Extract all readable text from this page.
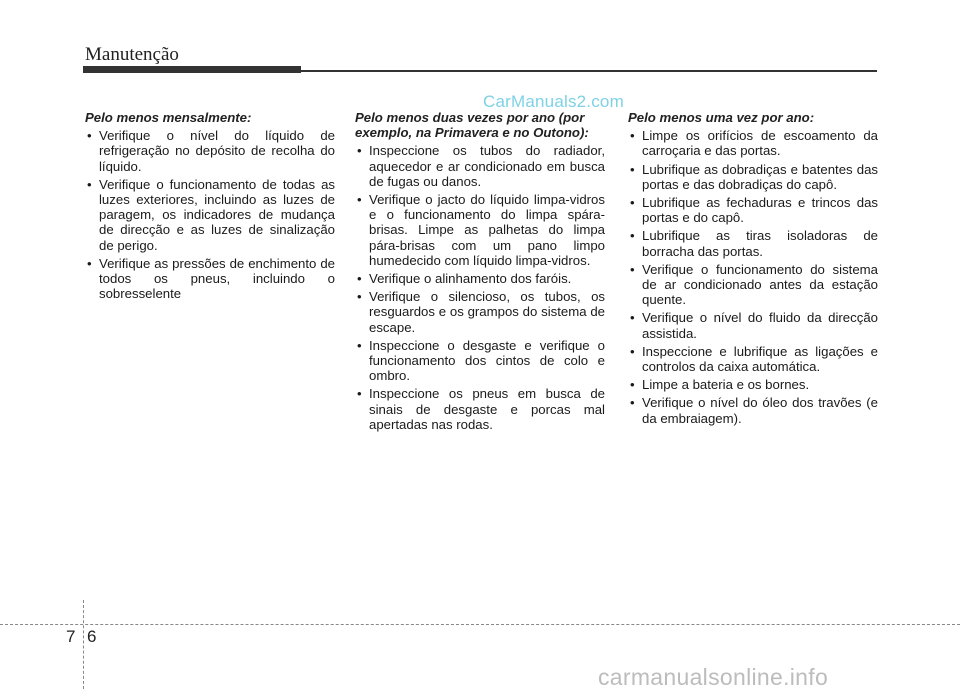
Manutenção
CarManuals2.com

Pelo menos mensalmente:

• Verifique o nível do líquido de refrigeração no depósito de recolha do líquido.
• Verifique o funcionamento de todas as luzes exteriores, incluindo as luzes de paragem, os indicadores de mudança de direcção e as luzes de sinalização de perigo.
• Verifique as pressões de enchimento de todos os pneus, incluindo o sobresselente

Pelo menos duas vezes por ano (por exemplo, na Primavera e no Outono):

• Inspeccione os tubos do radiador, aquecedor e ar condicionado em busca de fugas ou danos.
• Verifique o jacto do líquido limpa-vidros e o funcionamento do limpa spára-brisas. Limpe as palhetas do limpa pára-brisas com um pano limpo humedecido com líquido limpa-vidros.
• Verifique o alinhamento dos faróis.
• Verifique o silencioso, os tubos, os resguardos e os grampos do sistema de escape.
• Inspeccione o desgaste e verifique o funcionamento dos cintos de colo e ombro.
• Inspeccione os pneus em busca de sinais de desgaste e porcas mal apertadas nas rodas.

Pelo menos uma vez por ano:

• Limpe os orifícios de escoamento da carroçaria e das portas.
• Lubrifique as dobradiças e batentes das portas e das dobradiças do capô.
• Lubrifique as fechaduras e trincos das portas e do capô.
• Lubrifique as tiras isoladoras de borracha das portas.
• Verifique o funcionamento do sistema de ar condicionado antes da estação quente.
• Verifique o nível do fluido da direcção assistida.
• Inspeccione e lubrifique as ligações e controlos da caixa automática.
• Limpe a bateria e os bornes.
• Verifique o nível do óleo dos travões (e da embraiagem).
7 6
carmanualsonline.info
